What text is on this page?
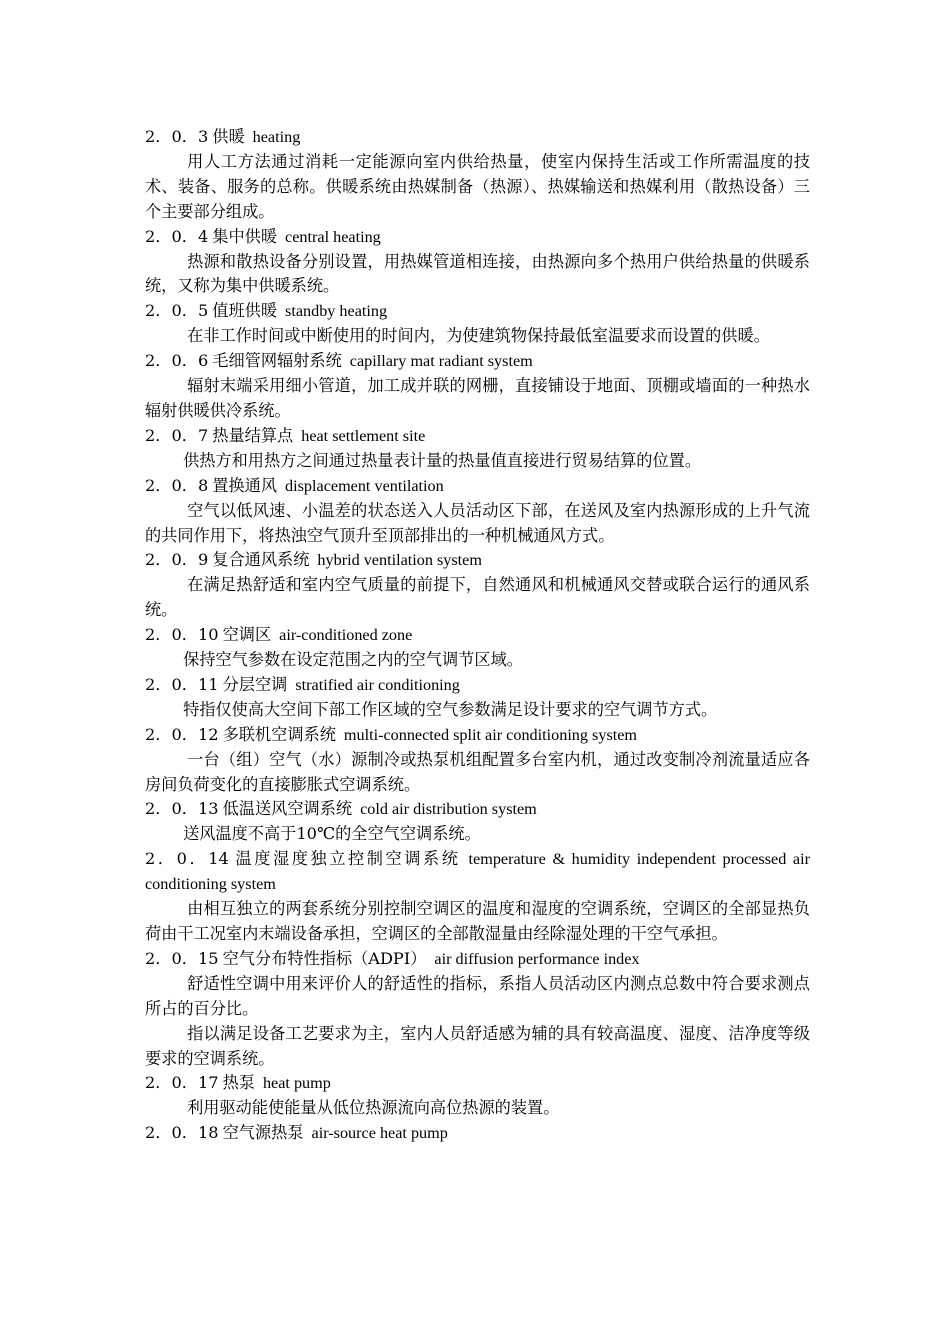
2．0．3 供暖 heating

用人工方法通过消耗一定能源向室内供给热量，使室内保持生活或工作所需温度的技术、装备、服务的总称。供暖系统由热媒制备（热源）、热媒输送和热媒利用（散热设备）三个主要部分组成。

2．0．4 集中供暖 central heating

热源和散热设备分别设置，用热媒管道相连接，由热源向多个热用户供给热量的供暖系统，又称为集中供暖系统。

2．0．5 值班供暖 standby heating

在非工作时间或中断使用的时间内，为使建筑物保持最低室温要求而设置的供暖。

2．0．6 毛细管网辐射系统 capillary mat radiant system

辐射末端采用细小管道，加工成并联的网栅，直接铺设于地面、顶棚或墙面的一种热水辐射供暖供冷系统。

2．0．7 热量结算点 heat settlement site

供热方和用热方之间通过热量表计量的热量值直接进行贸易结算的位置。

2．0．8 置换通风 displacement ventilation

空气以低风速、小温差的状态送入人员活动区下部，在送风及室内热源形成的上升气流的共同作用下，将热浊空气顶升至顶部排出的一种机械通风方式。

2．0．9 复合通风系统 hybrid ventilation system

在满足热舒适和室内空气质量的前提下，自然通风和机械通风交替或联合运行的通风系统。

2．0．10 空调区 air-conditioned zone

保持空气参数在设定范围之内的空气调节区域。

2．0．11 分层空调 stratified air conditioning

特指仅使高大空间下部工作区域的空气参数满足设计要求的空气调节方式。

2．0．12 多联机空调系统 multi-connected split air conditioning system

一台（组）空气（水）源制冷或热泵机组配置多台室内机，通过改变制冷剂流量适应各房间负荷变化的直接膨胀式空调系统。

2．0．13 低温送风空调系统 cold air distribution system

送风温度不高于10℃的全空气空调系统。

2．0．14 温度湿度独立控制空调系统 temperature & humidity independent processed air conditioning system

由相互独立的两套系统分别控制空调区的温度和湿度的空调系统，空调区的全部显热负荷由干工况室内末端设备承担，空调区的全部散湿量由经除湿处理的干空气承担。

2．0．15 空气分布特性指标（ADPI） air diffusion performance index

舒适性空调中用来评价人的舒适性的指标，系指人员活动区内测点总数中符合要求测点所占的百分比。

指以满足设备工艺要求为主，室内人员舒适感为辅的具有较高温度、湿度、洁净度等级要求的空调系统。

2．0．17 热泵 heat pump

利用驱动能使能量从低位热源流向高位热源的装置。

2．0．18 空气源热泵 air-source heat pump
